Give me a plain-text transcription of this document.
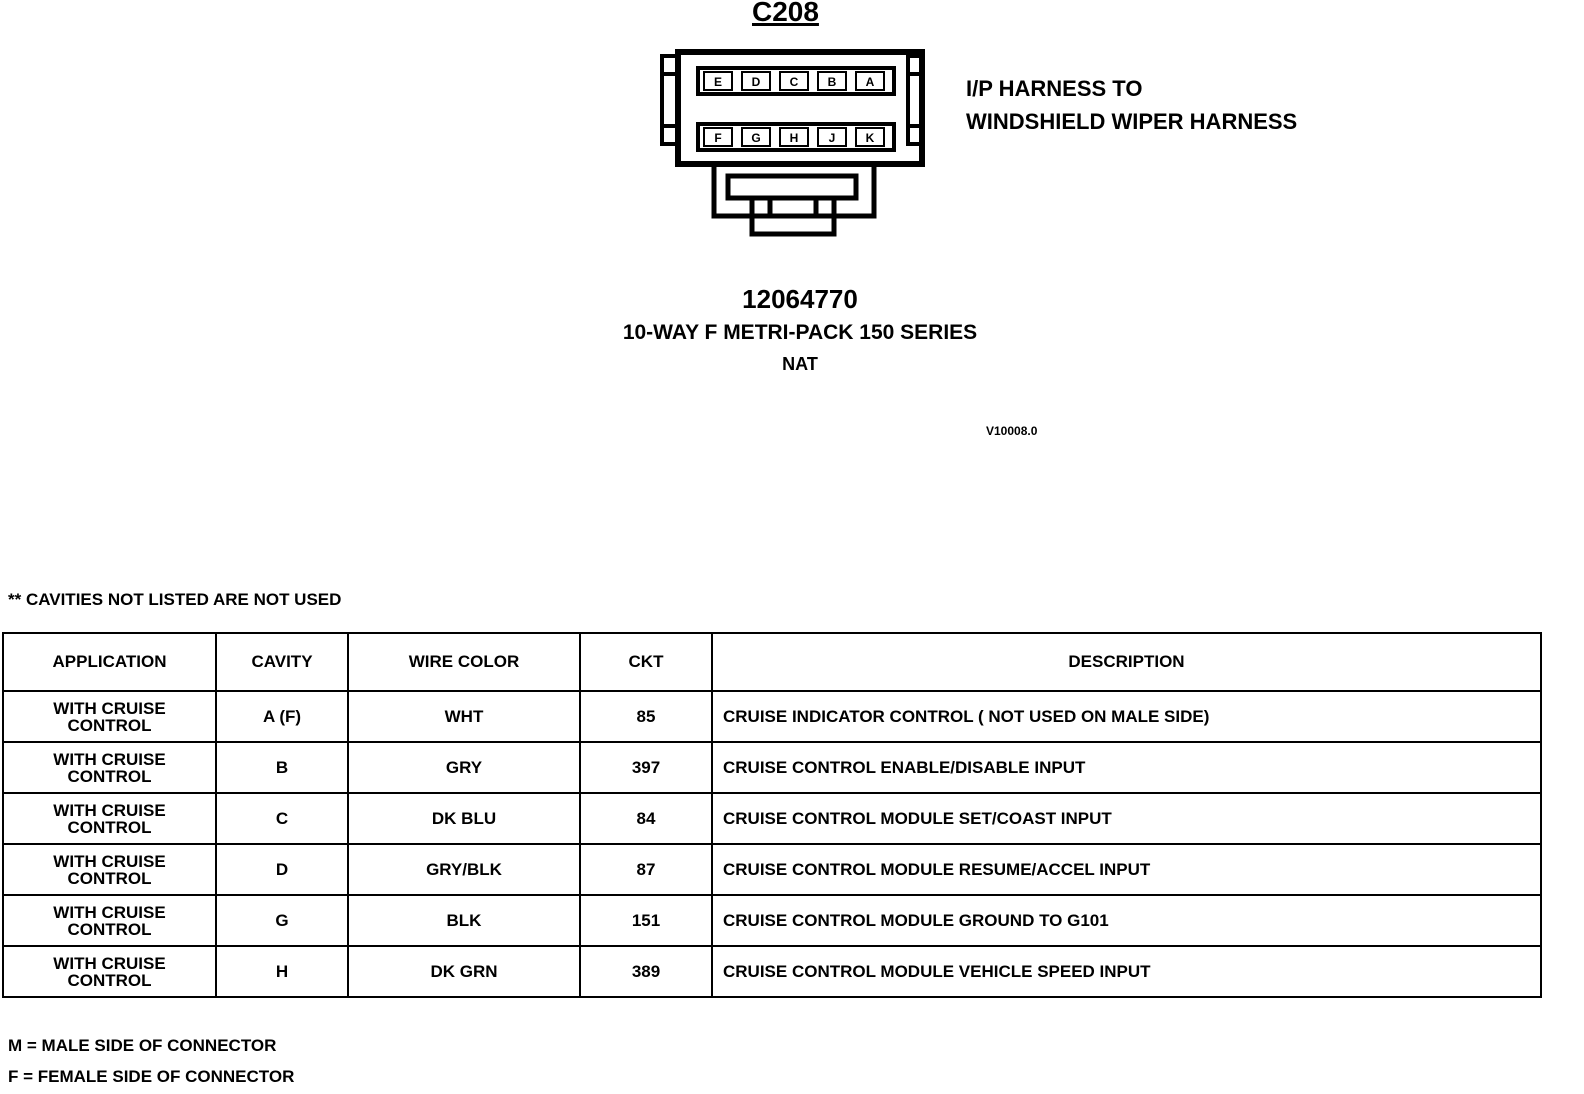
C208
E D C B A
F G H	J	K
I/P HARNESS TO
WINDSHIELD WIPER HARNESS
12064770
10-WAY F METRI-PACK 150 SERIES
NAT
V10008.0
** CAVITIES NOT LISTED ARE NOT USED
APPLICATION	CAVITY	WIRE COLOR	CKT	DESCRIPTION

WITH CRUISE
CONTROL	A (F)	WHT	85	CRUISE INDICATOR CONTROL ( NOT USED ON MALE SIDE)

WITH CRUISE
CONTROL	B	GRY	397	CRUISE CONTROL ENABLE/DISABLE INPUT

WITH CRUISE
CONTROL	C	DK BLU	84	CRUISE CONTROL MODULE SET/COAST INPUT

WITH CRUISE
CONTROL	D	GRY/BLK	87	CRUISE CONTROL MODULE RESUME/ACCEL INPUT

WITH CRUISE
CONTROL	G	BLK	151	CRUISE CONTROL MODULE GROUND TO G101

WITH CRUISE
CONTROL	H	DK GRN	389	CRUISE CONTROL MODULE VEHICLE SPEED INPUT
M = MALE SIDE OF CONNECTOR
F = FEMALE SIDE OF CONNECTOR
